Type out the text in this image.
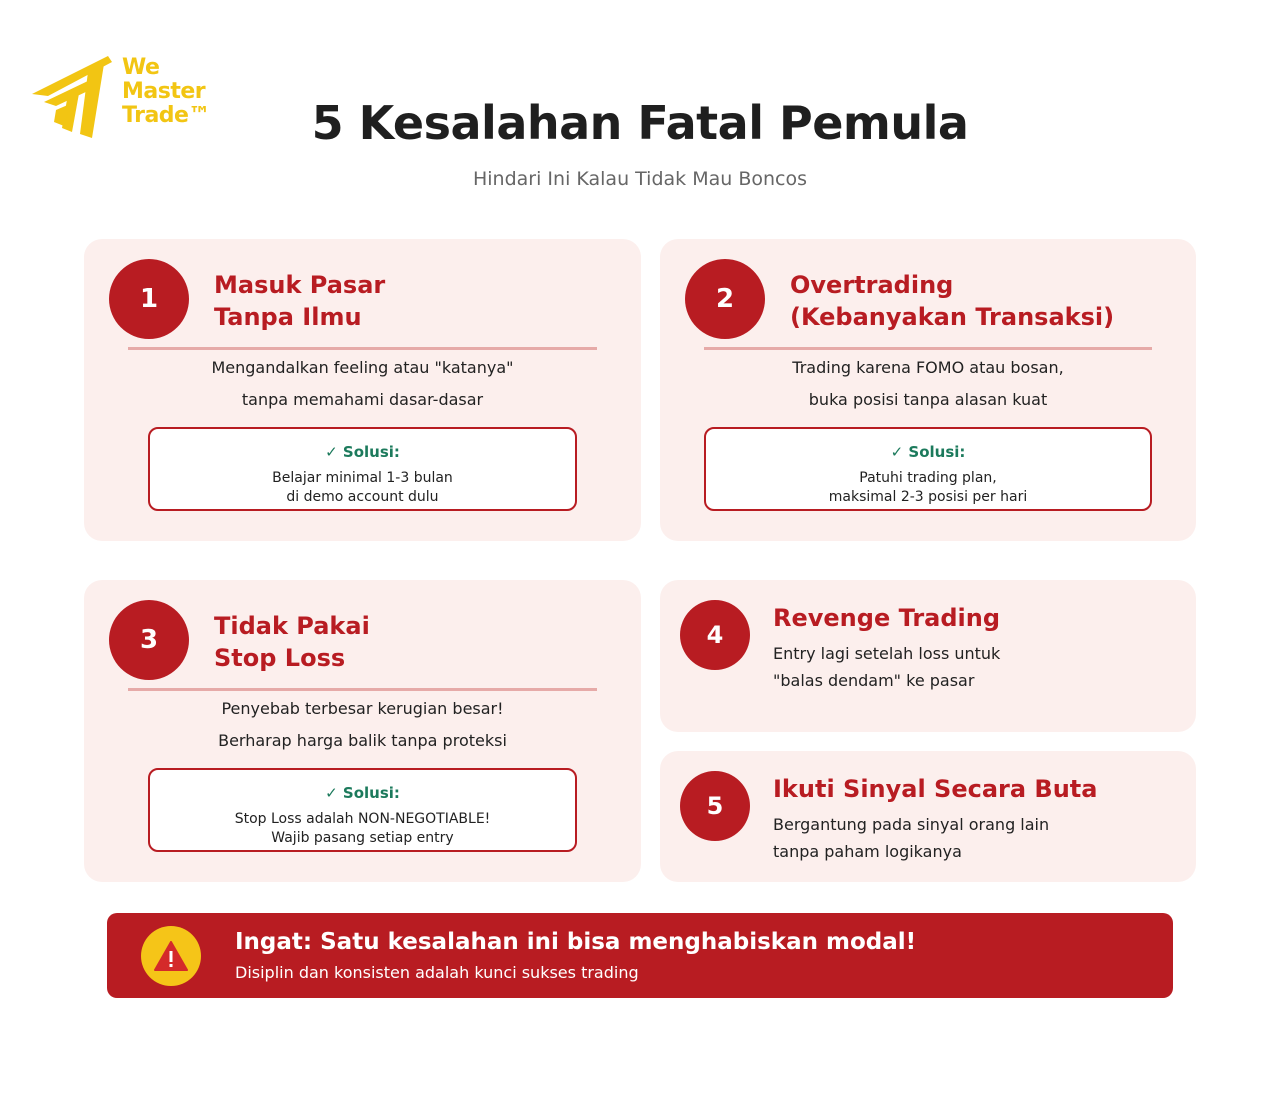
We
Master
Trade™	5 Kesalahan Fatal Pemula

Hindari Ini Kalau Tidak Mau Boncos

1	Masuk Pasar
Tanpa Ilmu
Mengandalkan feeling atau "katanya"
tanpa memahami dasar-dasar
✓ Solusi:
Belajar minimal 1-3 bulan
di demo account dulu
2	Overtrading
(Kebanyakan Transaksi)
Trading karena FOMO atau bosan,
buka posisi tanpa alasan kuat
✓ Solusi:
Patuhi trading plan,
maksimal 2-3 posisi per hari
3	Tidak Pakai
Stop Loss
Penyebab terbesar kerugian besar!
Berharap harga balik tanpa proteksi
✓ Solusi:
Stop Loss adalah NON-NEGOTIABLE!
Wajib pasang setiap entry
4
Revenge Trading
Entry lagi setelah loss untuk
"balas dendam" ke pasar
5
Ikuti Sinyal Secara Buta
Bergantung pada sinyal orang lain
tanpa paham logikanya
Ingat: Satu kesalahan ini bisa menghabiskan modal!
Disiplin dan konsisten adalah kunci sukses trading
